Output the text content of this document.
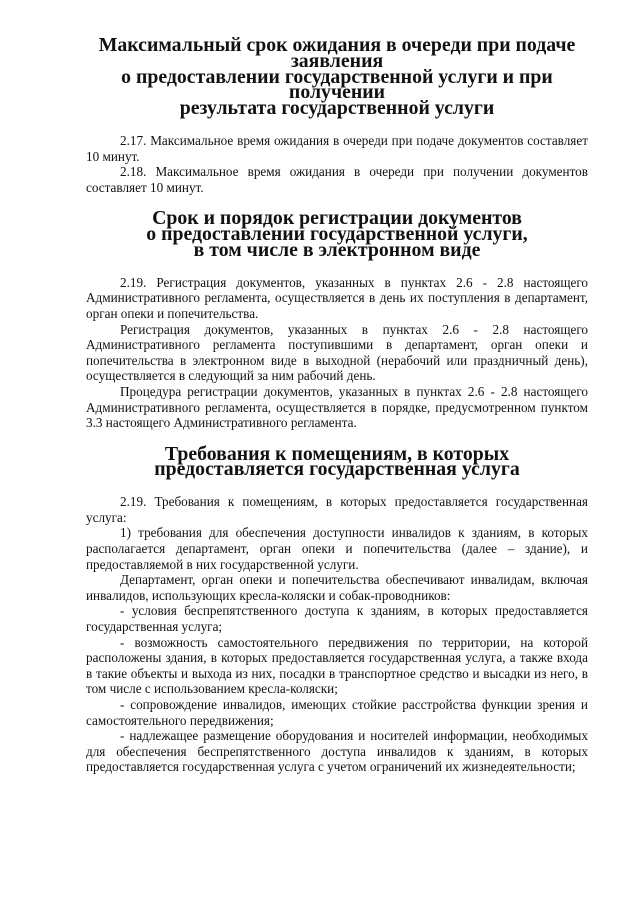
Максимальный срок ожидания в очереди при подаче заявления
о предоставлении государственной услуги и при получении
результата государственной услуги

2.17. Максимальное время ожидания в очереди при подаче документов составляет 10 минут.

2.18. Максимальное время ожидания в очереди при получении документов составляет 10 минут.

Срок и порядок регистрации документов
о предоставлении государственной услуги,
в том числе в электронном виде

2.19. Регистрация документов, указанных в пунктах 2.6 - 2.8 настоящего Административного регламента, осуществляется в день их поступления в департамент, орган опеки и попечительства.

Регистрация документов, указанных в пунктах 2.6 - 2.8 настоящего Административного регламента поступившими в департамент, орган опеки и попечительства в электронном виде в выходной (нерабочий или праздничный день), осуществляется в следующий за ним рабочий день.

Процедура регистрации документов, указанных в пунктах 2.6 - 2.8 настоящего Административного регламента, осуществляется в порядке, предусмотренном пунктом 3.3 настоящего Административного регламента.

Требования к помещениям, в которых
предоставляется государственная услуга

2.19. Требования к помещениям, в которых предоставляется государственная услуга:

1) требования для обеспечения доступности инвалидов к зданиям, в которых располагается департамент, орган опеки и попечительства (далее – здание), и предоставляемой в них государственной услуги.

Департамент, орган опеки и попечительства обеспечивают инвалидам, включая инвалидов, использующих кресла-коляски и собак-проводников:

- условия беспрепятственного доступа к зданиям, в которых предоставляется государственная услуга;

- возможность самостоятельного передвижения по территории, на которой расположены здания, в которых предоставляется государственная услуга, а также входа в такие объекты и выхода из них, посадки в транспортное средство и высадки из него, в том числе с использованием кресла-коляски;

- сопровождение инвалидов, имеющих стойкие расстройства функции зрения и самостоятельного передвижения;

- надлежащее размещение оборудования и носителей информации, необходимых для обеспечения беспрепятственного доступа инвалидов к зданиям, в которых предоставляется государственная услуга с учетом ограничений их жизнедеятельности;
